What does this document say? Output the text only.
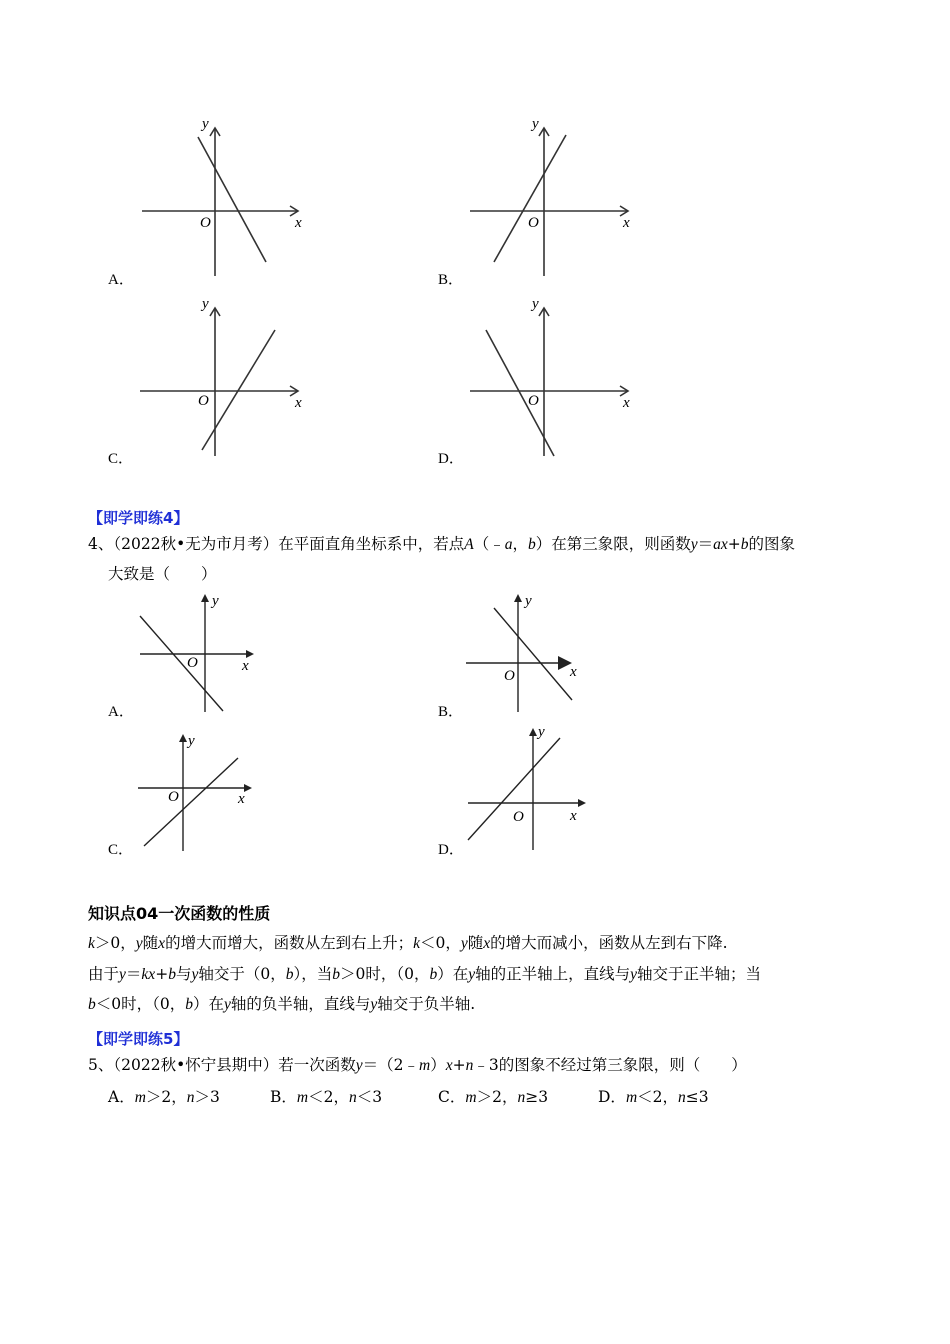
y
x
O
A．
y
x
O
B．
y
x
O
C．
y
x
O
D．
【即学即练4】
4、（2022秋•无为市月考）在平面直角坐标系中，若点A（﹣a，b）在第三象限，则函数y＝ax+b的图象
大致是（　　）
y
x
O
A．
y
x
O
B．
y
x
O
C．
y
x
O
D．
知识点04一次函数的性质
k＞0，y随x的增大而增大，函数从左到右上升；k＜0，y随x的增大而减小，函数从左到右下降.
由于y＝kx+b与y轴交于（0，b），当b＞0时，（0，b）在y轴的正半轴上，直线与y轴交于正半轴；当
b＜0时，（0，b）在y轴的负半轴，直线与y轴交于负半轴.
【即学即练5】
5、（2022秋•怀宁县期中）若一次函数y＝（2﹣m）x+n﹣3的图象不经过第三象限，则（　　）
A．m＞2，n＞3	B．m＜2，n＜3	C．m＞2，n≥3	D．m＜2，n≤3
